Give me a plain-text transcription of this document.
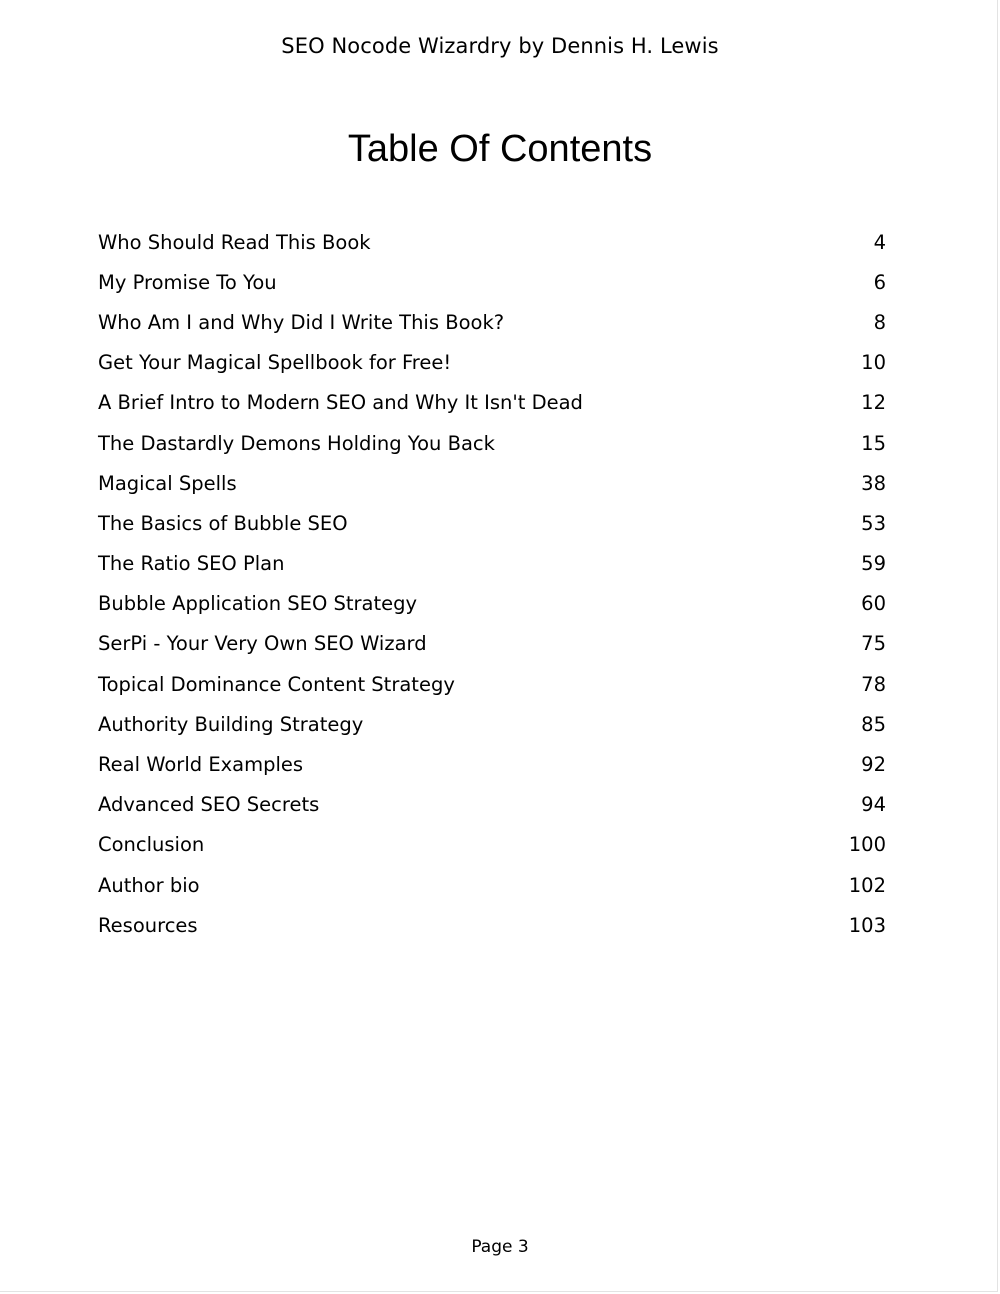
SEO Nocode Wizardry by Dennis H. Lewis
Table Of Contents
Who Should Read This Book	4
My Promise To You	6
Who Am I and Why Did I Write This Book?	8
Get Your Magical Spellbook for Free!	10
A Brief Intro to Modern SEO and Why It Isn't Dead	12
The Dastardly Demons Holding You Back	15
Magical Spells	38
The Basics of Bubble SEO	53
The Ratio SEO Plan	59
Bubble Application SEO Strategy	60
SerPi - Your Very Own SEO Wizard	75
Topical Dominance Content Strategy	78
Authority Building Strategy	85
Real World Examples	92
Advanced SEO Secrets	94
Conclusion	100
Author bio	102
Resources	103
Page 3
